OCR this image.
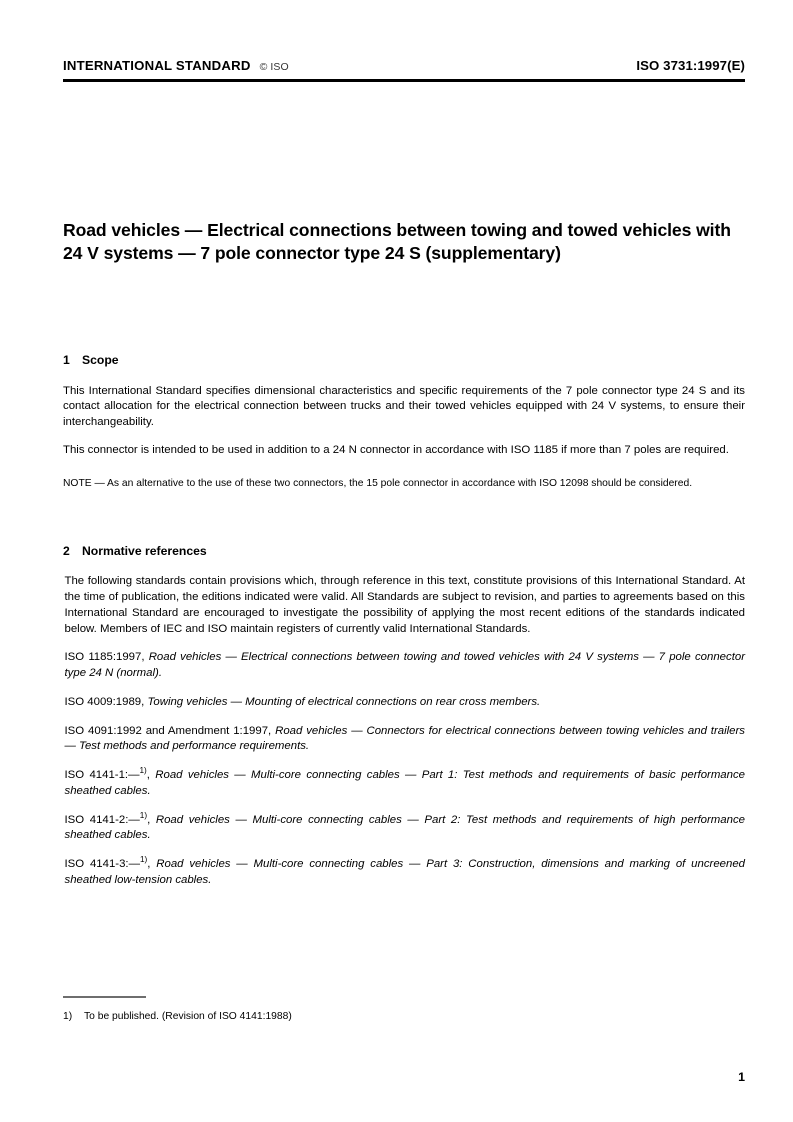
INTERNATIONAL STANDARD © ISO	ISO 3731:1997(E)
Road vehicles — Electrical connections between towing and towed vehicles with 24 V systems — 7 pole connector type 24 S (supplementary)
1 Scope

This International Standard specifies dimensional characteristics and specific requirements of the 7 pole connector type 24 S and its contact allocation for the electrical connection between trucks and their towed vehicles equipped with 24 V systems, to ensure their interchangeability.

This connector is intended to be used in addition to a 24 N connector in accordance with ISO 1185 if more than 7 poles are required.

NOTE — As an alternative to the use of these two connectors, the 15 pole connector in accordance with ISO 12098 should be considered.

2 Normative references

The following standards contain provisions which, through reference in this text, constitute provisions of this International Standard. At the time of publication, the editions indicated were valid. All Standards are subject to revision, and parties to agreements based on this International Standard are encouraged to investigate the possibility of applying the most recent editions of the standards indicated below. Members of IEC and ISO maintain registers of currently valid International Standards.

ISO 1185:1997, Road vehicles — Electrical connections between towing and towed vehicles with 24 V systems — 7 pole connector type 24 N (normal).

ISO 4009:1989, Towing vehicles — Mounting of electrical connections on rear cross members.

ISO 4091:1992 and Amendment 1:1997, Road vehicles — Connectors for electrical connections between towing vehicles and trailers — Test methods and performance requirements.

ISO 4141-1:—$^{1)}$, Road vehicles — Multi-core connecting cables — Part 1: Test methods and requirements of basic performance sheathed cables.

ISO 4141-2:—$^{1)}$, Road vehicles — Multi-core connecting cables — Part 2: Test methods and requirements of high performance sheathed cables.

ISO 4141-3:—$^{1)}$, Road vehicles — Multi-core connecting cables — Part 3: Construction, dimensions and marking of uncreened sheathed low-tension cables.

1) To be published. (Revision of ISO 4141:1988)
1
